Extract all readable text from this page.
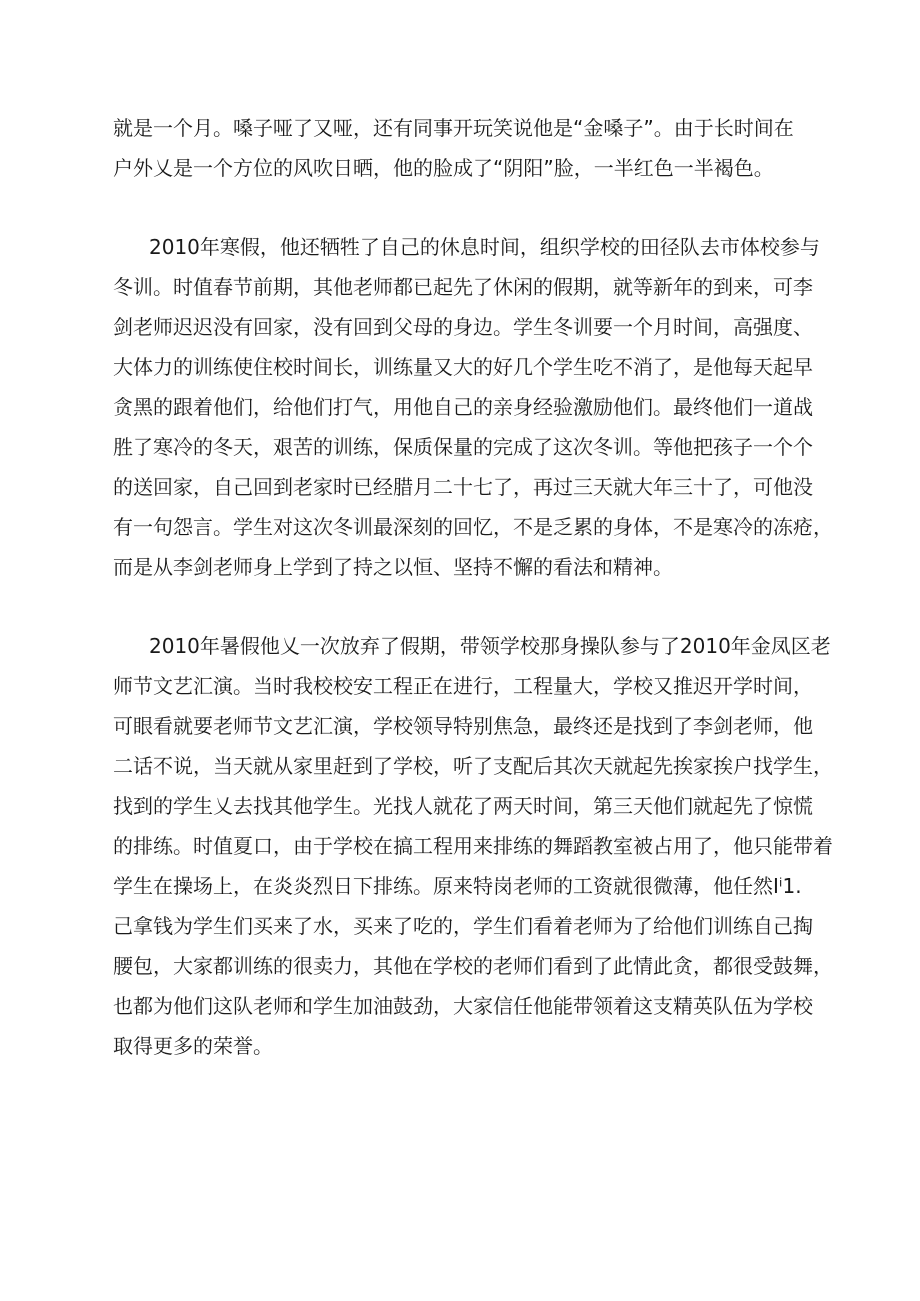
就是一个月。嗓子哑了又哑，还有同事开玩笑说他是“金嗓子”。由于长时间在
户外乂是一个方位的风吹日晒，他的脸成了“阴阳”脸，一半红色一半褐色。
2010年寒假，他还牺牲了自己的休息时间，组织学校的田径队去市体校参与
冬训。时值春节前期，其他老师都已起先了休闲的假期，就等新年的到来，可李
剑老师迟迟没有回家，没有回到父母的身边。学生冬训要一个月时间，高强度、
大体力的训练使住校时间长，训练量又大的好几个学生吃不消了，是他每天起早
贪黑的跟着他们，给他们打气，用他自己的亲身经验激励他们。最终他们一道战
胜了寒冷的冬天，艰苦的训练，保质保量的完成了这次冬训。等他把孩子一个个
的送回家，自己回到老家时已经腊月二十七了，再过三天就大年三十了，可他没
有一句怨言。学生对这次冬训最深刻的回忆，不是乏累的身体，不是寒冷的冻疮，
而是从李剑老师身上学到了持之以恒、坚持不懈的看法和精神。
2010年暑假他乂一次放弃了假期，带领学校那身操队参与了2010年金凤区老
师节文艺汇演。当时我校校安工程正在进行，工程量大，学校又推迟开学时间，
可眼看就要老师节文艺汇演，学校领导特别焦急，最终还是找到了李剑老师，他
二话不说，当天就从家里赶到了学校，听了支配后其次天就起先挨家挨户找学生，
找到的学生乂去找其他学生。光找人就花了两天时间，第三天他们就起先了惊慌
的排练。时值夏口，由于学校在搞工程用来排练的舞蹈教室被占用了，他只能带着
学生在操场上，在炎炎烈日下排练。原来特岗老师的工资就很微薄，他任然Iⁱ1.
己拿钱为学生们买来了水，买来了吃的，学生们看着老师为了给他们训练自己掏
腰包，大家都训练的很卖力，其他在学校的老师们看到了此情此贪，都很受鼓舞，
也都为他们这队老师和学生加油鼓劲，大家信任他能带领着这支精英队伍为学校
取得更多的荣誉。
